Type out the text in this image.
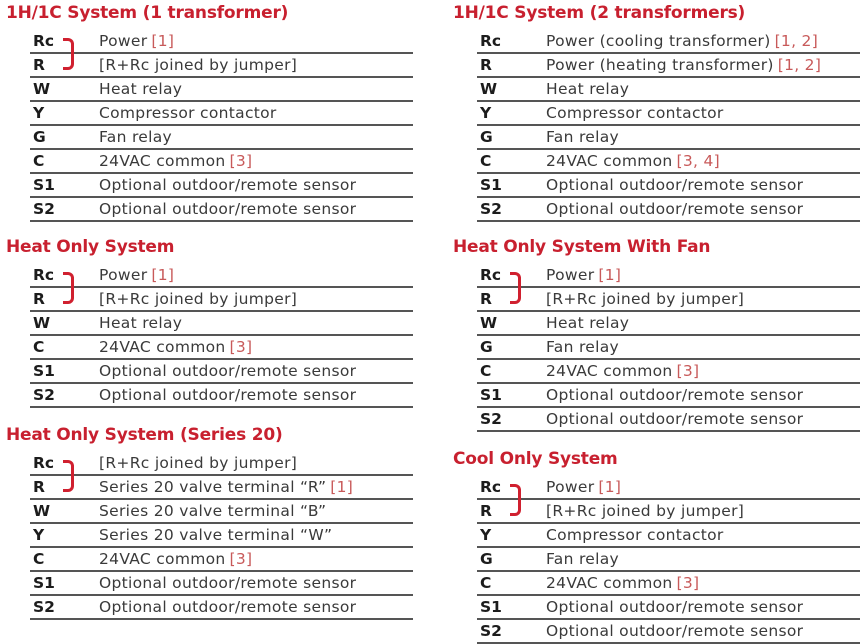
1H/1C System (1 transformer)
Rc	Power [1]
R	[R+Rc joined by jumper]
W	Heat relay
Y	Compressor contactor
G	Fan relay
C	24VAC common [3]
S1	Optional outdoor/remote sensor
S2	Optional outdoor/remote sensor
1H/1C System (2 transformers)
Rc	Power (cooling transformer) [1, 2]
R	Power (heating transformer) [1, 2]
W	Heat relay
Y	Compressor contactor
G	Fan relay
C	24VAC common [3, 4]
S1	Optional outdoor/remote sensor
S2	Optional outdoor/remote sensor
Heat Only System
Rc	Power [1]
R	[R+Rc joined by jumper]
W	Heat relay
C	24VAC common [3]
S1	Optional outdoor/remote sensor
S2	Optional outdoor/remote sensor
Heat Only System With Fan
Rc	Power [1]
R	[R+Rc joined by jumper]
W	Heat relay
G	Fan relay
C	24VAC common [3]
S1	Optional outdoor/remote sensor
S2	Optional outdoor/remote sensor
Heat Only System (Series 20)
Rc	[R+Rc joined by jumper]
R	Series 20 valve terminal “R” [1]
W	Series 20 valve terminal “B”
Y	Series 20 valve terminal “W”
C	24VAC common [3]
S1	Optional outdoor/remote sensor
S2	Optional outdoor/remote sensor
Cool Only System
Rc	Power [1]
R	[R+Rc joined by jumper]
Y	Compressor contactor
G	Fan relay
C	24VAC common [3]
S1	Optional outdoor/remote sensor
S2	Optional outdoor/remote sensor
